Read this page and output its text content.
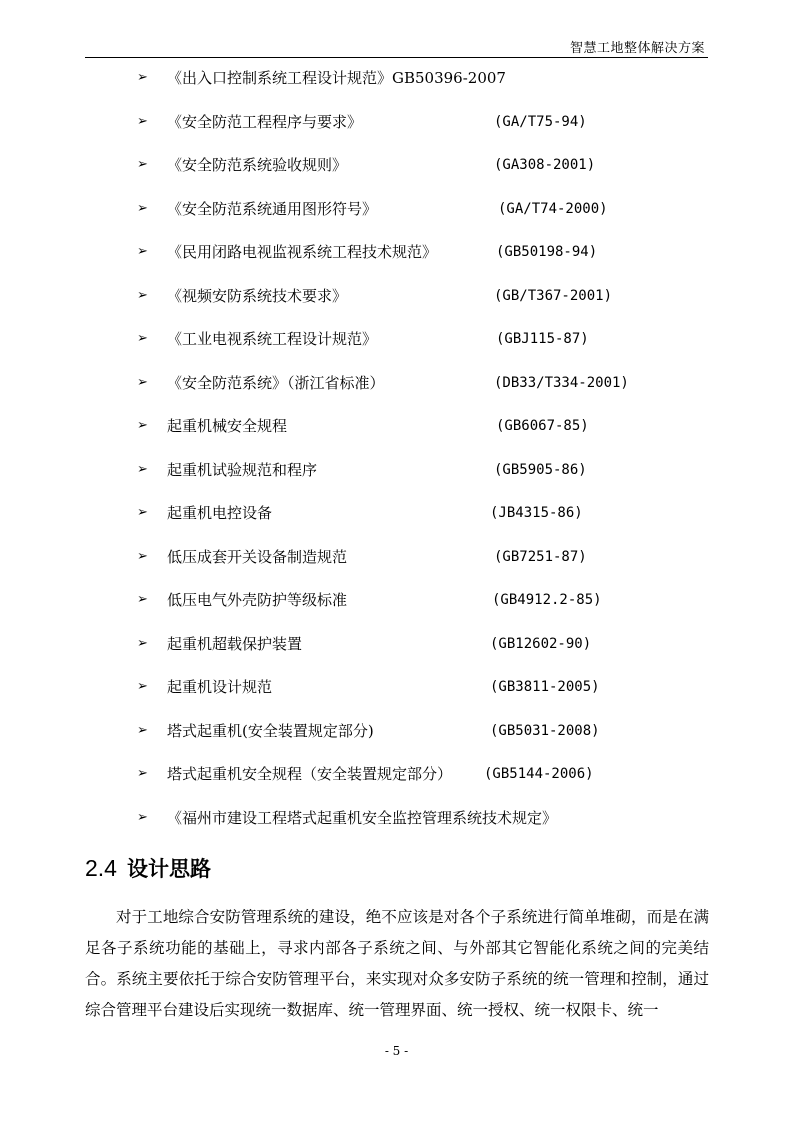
智慧工地整体解决方案
➢ 《出入口控制系统工程设计规范》GB50396-2007
➢ 《安全防范工程程序与要求》	(GA/T75-94)
➢ 《安全防范系统验收规则》	(GA308-2001)
➢ 《安全防范系统通用图形符号》	(GA/T74-2000)
➢ 《民用闭路电视监视系统工程技术规范》	(GB50198-94)
➢ 《视频安防系统技术要求》	(GB/T367-2001)
➢ 《工业电视系统工程设计规范》	(GBJ115-87)
➢ 《安全防范系统》（浙江省标准）	(DB33/T334-2001)
➢ 起重机械安全规程	(GB6067-85)
➢ 起重机试验规范和程序	(GB5905-86)
➢ 起重机电控设备	(JB4315-86)
➢ 低压成套开关设备制造规范	(GB7251-87)
➢ 低压电气外壳防护等级标准	(GB4912.2-85)
➢ 起重机超载保护装置	(GB12602-90)
➢ 起重机设计规范	(GB3811-2005)
➢ 塔式起重机(安全装置规定部分)	(GB5031-2008)
➢ 塔式起重机安全规程（安全装置规定部分） (GB5144-2006)
➢ 《福州市建设工程塔式起重机安全监控管理系统技术规定》
2.4 设计思路

对于工地综合安防管理系统的建设，绝不应该是对各个子系统进行简单堆砌，而是在满足各子系统功能的基础上，寻求内部各子系统之间、与外部其它智能化系统之间的完美结合。系统主要依托于综合安防管理平台，来实现对众多安防子系统的统一管理和控制，通过综合管理平台建设后实现统一数据库、统一管理界面、统一授权、统一权限卡、统一

- 5 -
